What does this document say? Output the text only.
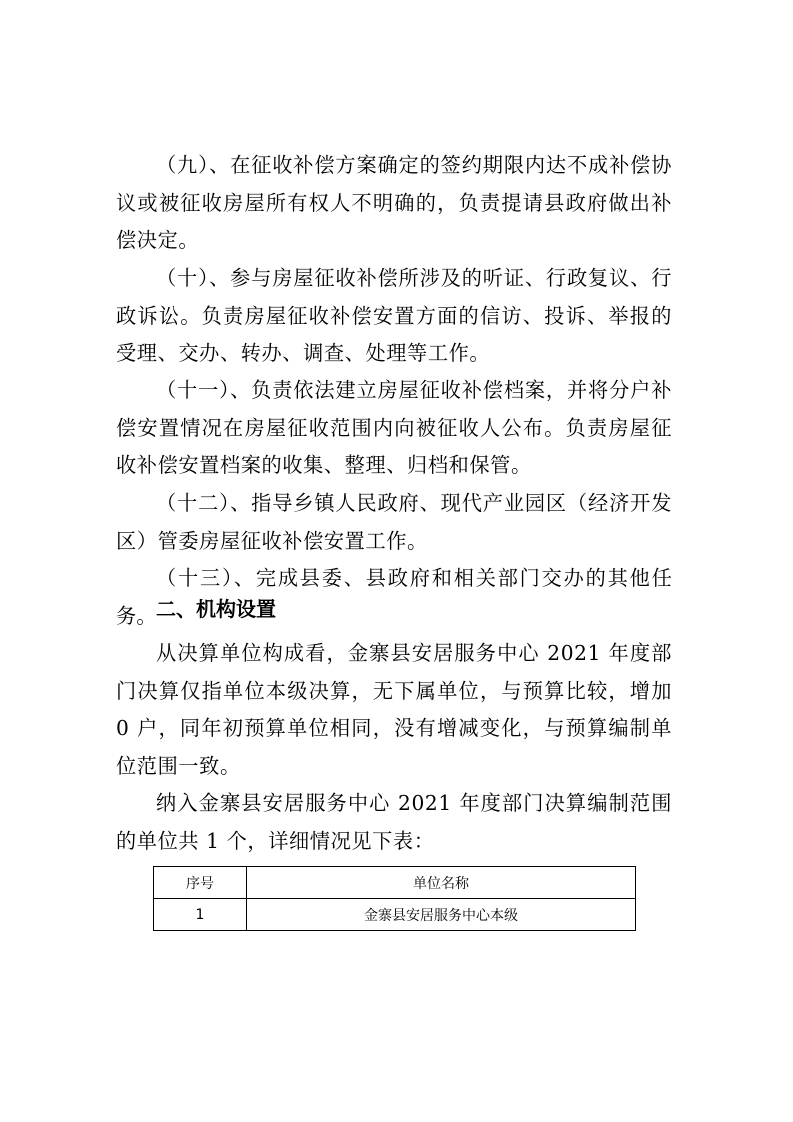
（九）、在征收补偿方案确定的签约期限内达不成补偿协议或被征收房屋所有权人不明确的，负责提请县政府做出补偿决定。

（十）、参与房屋征收补偿所涉及的听证、行政复议、行政诉讼。负责房屋征收补偿安置方面的信访、投诉、举报的受理、交办、转办、调查、处理等工作。

（十一）、负责依法建立房屋征收补偿档案，并将分户补偿安置情况在房屋征收范围内向被征收人公布。负责房屋征收补偿安置档案的收集、整理、归档和保管。

（十二）、指导乡镇人民政府、现代产业园区（经济开发区）管委房屋征收补偿安置工作。

（十三）、完成县委、县政府和相关部门交办的其他任务。 二、机构设置

从决算单位构成看，金寨县安居服务中心 2021 年度部门决算仅指单位本级决算，无下属单位，与预算比较，增加 0 户，同年初预算单位相同，没有增减变化，与预算编制单位范围一致。

纳入金寨县安居服务中心 2021 年度部门决算编制范围的单位共 1 个，详细情况见下表：

序号	单位名称
1	金寨县安居服务中心本级
